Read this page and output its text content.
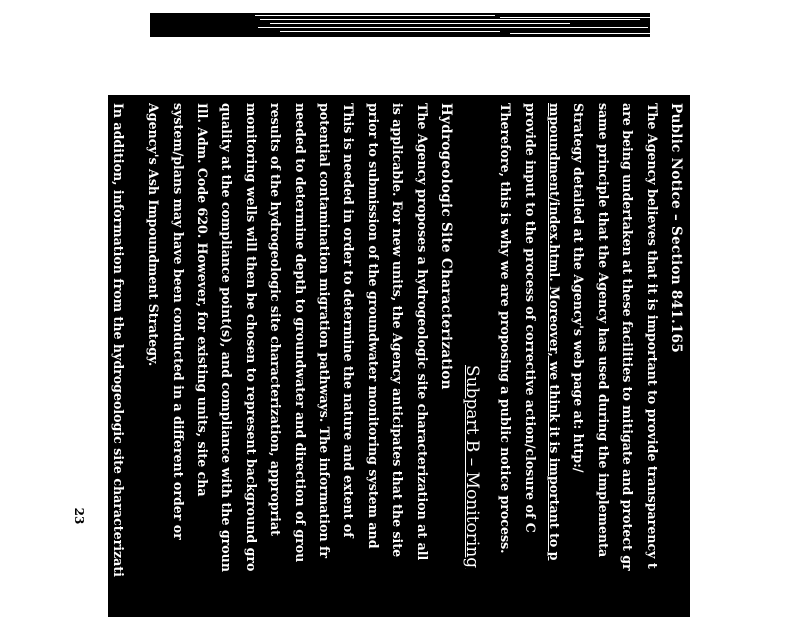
Public Notice – Section 841.165
The Agency believes that it is important to provide transparency t
are being undertaken at these facilities to mitigate and protect gr
same principle that the Agency has used during the implementa
Strategy detailed at the Agency's web page at: http:/
mpoundment/index.html. Moreover, we think it is important to p
provide input to the process of corrective action/closure of C
Therefore, this is why we are proposing a public notice process.
Subpart B – Monitoring
Hydrogeologic Site Characterization
The Agency proposes a hydrogeologic site characterization at all
is applicable. For new units, the Agency anticipates that the site
prior to submission of the groundwater monitoring system and
This is needed in order to determine the nature and extent of
potential contamination migration pathways. The information fr
needed to determine depth to groundwater and direction of grou
results of the hydrogeologic site characterization, appropriat
monitoring wells will then be chosen to represent background gro
quality at the compliance point(s), and compliance with the groun
Ill. Adm. Code 620. However, for existing units, site cha
system/plans may have been conducted in a different order or
Agency's Ash Impoundment Strategy.
In addition, information from the hydrogeologic site characterizati
23
